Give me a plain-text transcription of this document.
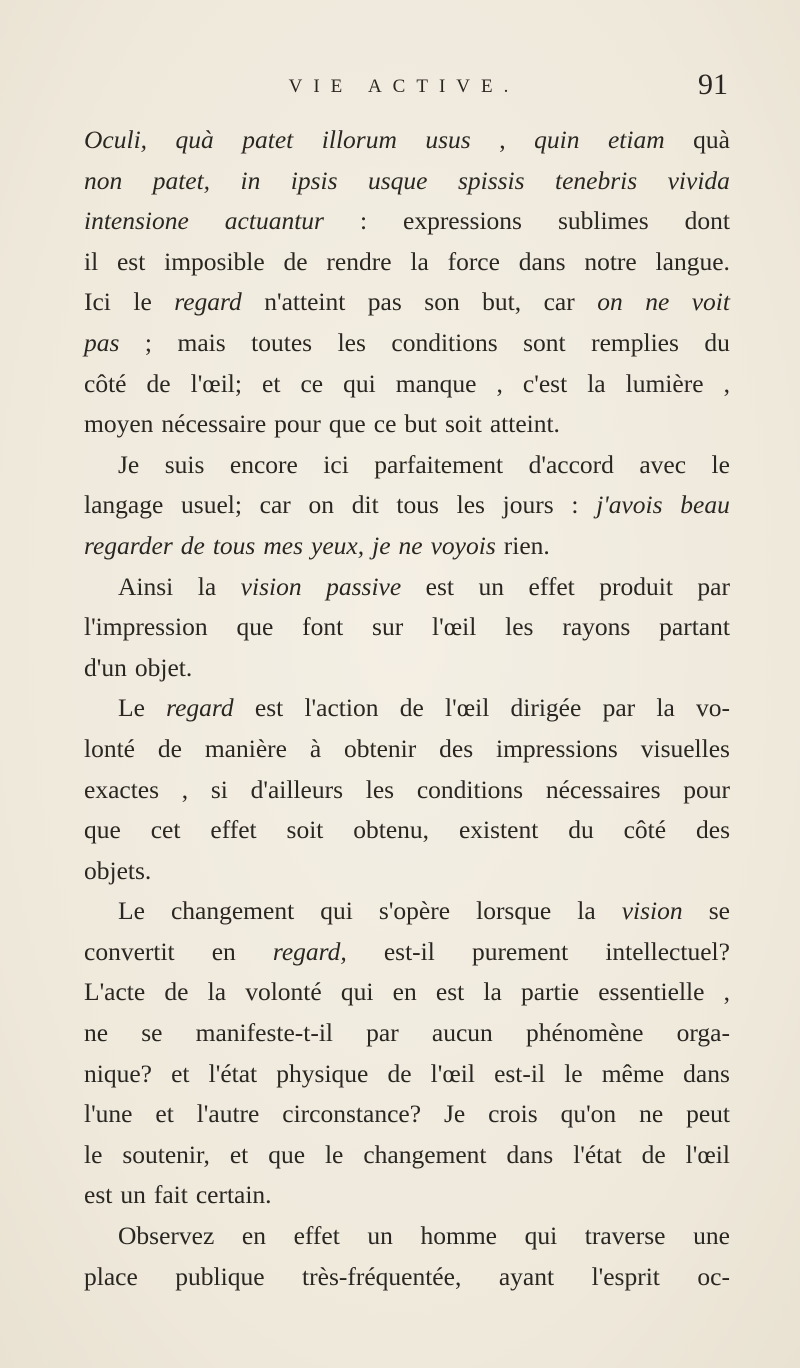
VIE ACTIVE.	91
Oculi, quà patet illorum usus , quin etiam quà
non patet, in ipsis usque spissis tenebris vivida
intensione actuantur : expressions sublimes dont
il est imposible de rendre la force dans notre langue.
Ici le regard n'atteint pas son but, car on ne voit
pas ; mais toutes les conditions sont remplies du
côté de l'œil; et ce qui manque , c'est la lumière ,
moyen nécessaire pour que ce but soit atteint.
Je suis encore ici parfaitement d'accord avec le
langage usuel; car on dit tous les jours : j'avois beau
regarder de tous mes yeux, je ne voyois rien.
Ainsi la vision passive est un effet produit par
l'impression que font sur l'œil les rayons partant
d'un objet.
Le regard est l'action de l'œil dirigée par la vo-
lonté de manière à obtenir des impressions visuelles
exactes , si d'ailleurs les conditions nécessaires pour
que cet effet soit obtenu, existent du côté des
objets.
Le changement qui s'opère lorsque la vision se
convertit en regard, est-il purement intellectuel?
L'acte de la volonté qui en est la partie essentielle ,
ne se manifeste-t-il par aucun phénomène orga-
nique? et l'état physique de l'œil est-il le même dans
l'une et l'autre circonstance? Je crois qu'on ne peut
le soutenir, et que le changement dans l'état de l'œil
est un fait certain.
Observez en effet un homme qui traverse une
place publique très-fréquentée, ayant l'esprit oc-
